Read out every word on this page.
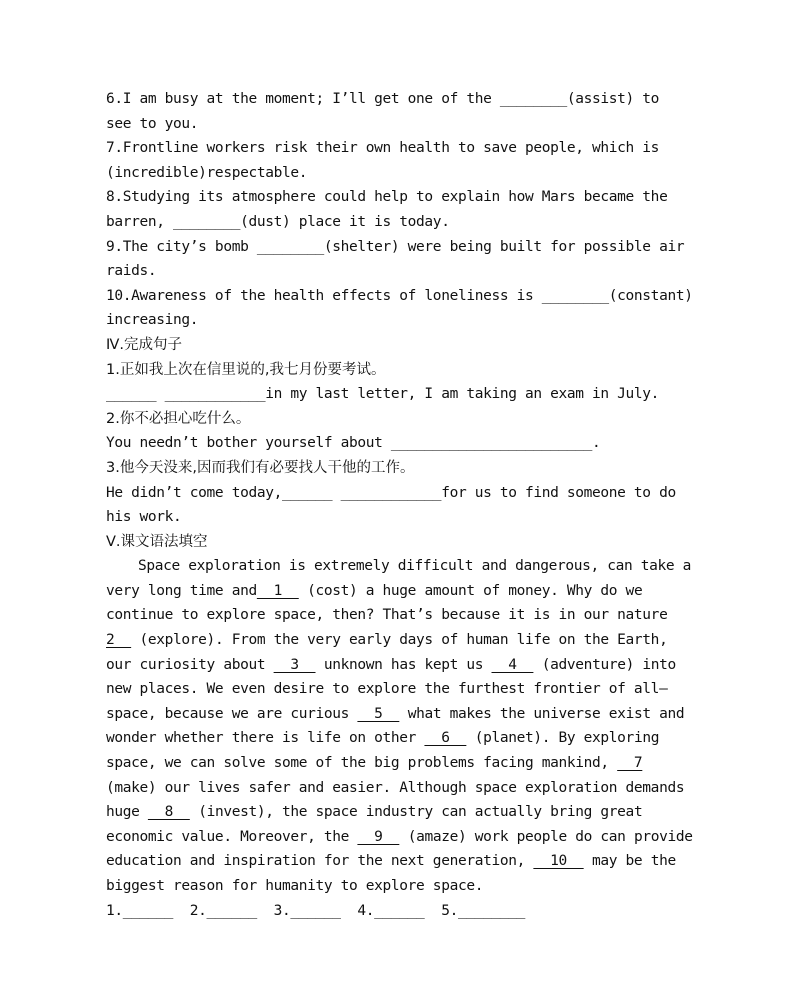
6.I am busy at the moment; I’ll get one of the ________(assist) to
see to you.
7.Frontline workers risk their own health to save people, which is
(incredible)respectable.
8.Studying its atmosphere could help to explain how Mars became the
barren, ________(dust) place it is today.
9.The city’s bomb ________(shelter) were being built for possible air
raids.
10.Awareness of the health effects of loneliness is ________(constant)
increasing.
Ⅳ.完成句子
1.正如我上次在信里说的,我七月份要考试。
______ ____________in my last letter, I am taking an exam in July.
2.你不必担心吃什么。
You needn’t bother yourself about ________________________.
3.他今天没来,因而我们有必要找人干他的工作。
He didn’t come today,______ ____________for us to find someone to do
his work.
Ⅴ.课文语法填空
Space exploration is extremely difficult and dangerous, can take a
very long time and  1   (cost) a huge amount of money. Why do we
continue to explore space, then? That’s because it is in our nature
2   (explore). From the very early days of human life on the Earth,
our curiosity about   3   unknown has kept us   4   (adventure) into
new places. We even desire to explore the furthest frontier of all—
space, because we are curious   5   what makes the universe exist and
wonder whether there is life on other   6   (planet). By exploring
space, we can solve some of the big problems facing mankind,   7
(make) our lives safer and easier. Although space exploration demands
huge   8   (invest), the space industry can actually bring great
economic value. Moreover, the   9   (amaze) work people do can provide
education and inspiration for the next generation,   10   may be the
biggest reason for humanity to explore space.
1.______  2.______  3.______  4.______  5.________
